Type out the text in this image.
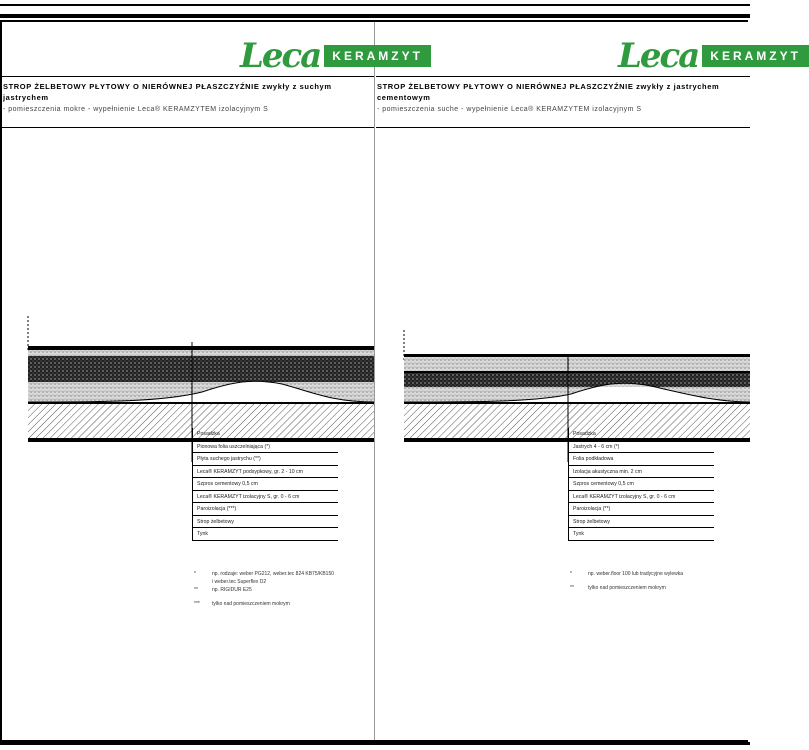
Leca	KERAMZYT
STROP ŻELBETOWY PŁYTOWY O NIERÓWNEJ PŁASZCZYŹNIE zwykły z suchym
jastrychem
- pomieszczenia mokre - wypełnienie Leca® KERAMZYTEM izolacyjnym S
Posadzka
Pionowa folia uszczelniająca (*)
Płyta suchego jastrychu (**)
Leca® KERAMZYT podsypkowy, gr. 2 - 10 cm
Szpros cementowy 0,5 cm
Leca® KERAMZYT izolacyjny S, gr. 0 - 6 cm
Paroizolacja (***)
Strop żelbetowy
Tynk
*	np. rodzaje: weber PG212, weber.tec 824 KB75/KB150
i weber.tec Superflex D2
**	np. RIGIDUR E25
***	tylko nad pomieszczeniem mokrym
Leca	KERAMZYT
STROP ŻELBETOWY PŁYTOWY O NIERÓWNEJ PŁASZCZYŹNIE zwykły z jastrychem
cementowym
- pomieszczenia suche - wypełnienie Leca® KERAMZYTEM izolacyjnym S
Posadzka
Jastrych 4 - 6 cm (*)
Folia podkładowa
Izolacja akustyczna min. 2 cm
Szpros cementowy 0,5 cm
Leca® KERAMZYT izolacyjny S, gr. 0 - 6 cm
Paroizolacja (**)
Strop żelbetowy
Tynk
*	np. weber.floor 100 lub tradycyjne wylewka
**	tylko nad pomieszczeniem mokrym
